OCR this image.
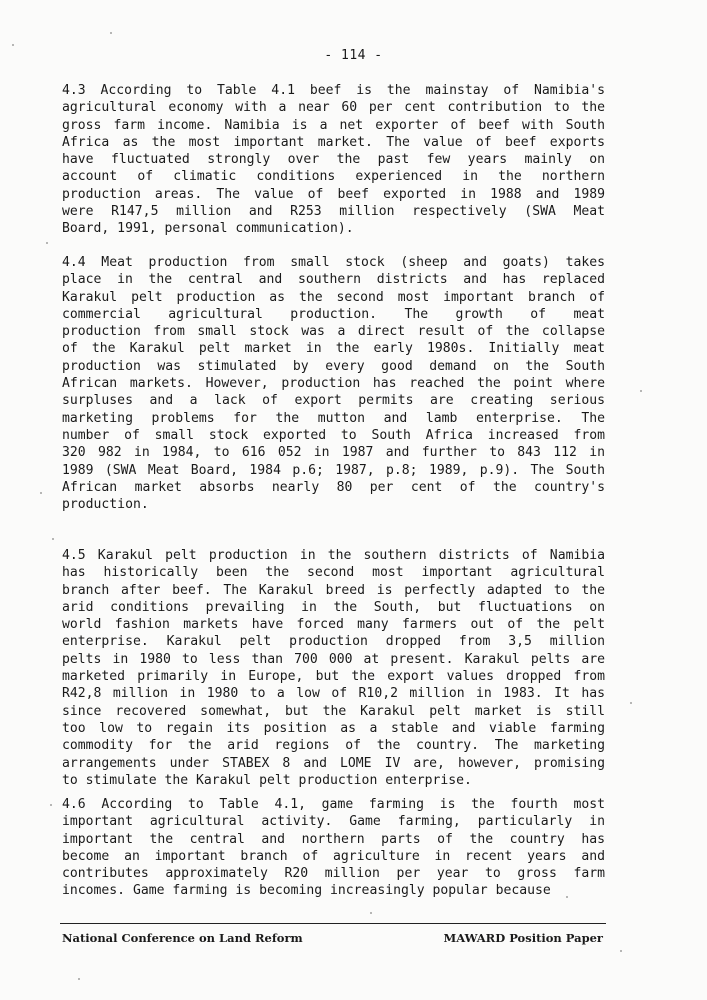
- 114 -
4.3 According to Table 4.1 beef is the mainstay of Namibia's
agricultural economy with a near 60 per cent contribution to the
gross farm income. Namibia is a net exporter of beef with South
Africa as the most important market. The value of beef exports
have fluctuated strongly over the past few years mainly on
account of climatic conditions experienced in the northern
production areas. The value of beef exported in 1988 and 1989
were R147,5 million and R253 million respectively (SWA Meat
Board, 1991, personal communication).
4.4 Meat production from small stock (sheep and goats) takes
place in the central and southern districts and has replaced
Karakul pelt production as the second most important branch of
commercial agricultural production. The growth of meat
production from small stock was a direct result of the collapse
of the Karakul pelt market in the early 1980s. Initially meat
production was stimulated by every good demand on the South
African markets. However, production has reached the point where
surpluses and a lack of export permits are creating serious
marketing problems for the mutton and lamb enterprise. The
number of small stock exported to South Africa increased from
320 982 in 1984, to 616 052 in 1987 and further to 843 112 in
1989 (SWA Meat Board, 1984 p.6; 1987, p.8; 1989, p.9). The South
African market absorbs nearly 80 per cent of the country's
production.
4.5 Karakul pelt production in the southern districts of Namibia
has historically been the second most important agricultural
branch after beef. The Karakul breed is perfectly adapted to the
arid conditions prevailing in the South, but fluctuations on
world fashion markets have forced many farmers out of the pelt
enterprise. Karakul pelt production dropped from 3,5 million
pelts in 1980 to less than 700 000 at present. Karakul pelts are
marketed primarily in Europe, but the export values dropped from
R42,8 million in 1980 to a low of R10,2 million in 1983. It has
since recovered somewhat, but the Karakul pelt market is still
too low to regain its position as a stable and viable farming
commodity for the arid regions of the country. The marketing
arrangements under STABEX 8 and LOME IV are, however, promising
to stimulate the Karakul pelt production enterprise.
4.6 According to Table 4.1, game farming is the fourth most
important agricultural activity. Game farming, particularly in
important the central and northern parts of the country has
become an important branch of agriculture in recent years and
contributes approximately R20 million per year to gross farm
incomes. Game farming is becoming increasingly popular because
National Conference on Land Reform	MAWARD Position Paper
